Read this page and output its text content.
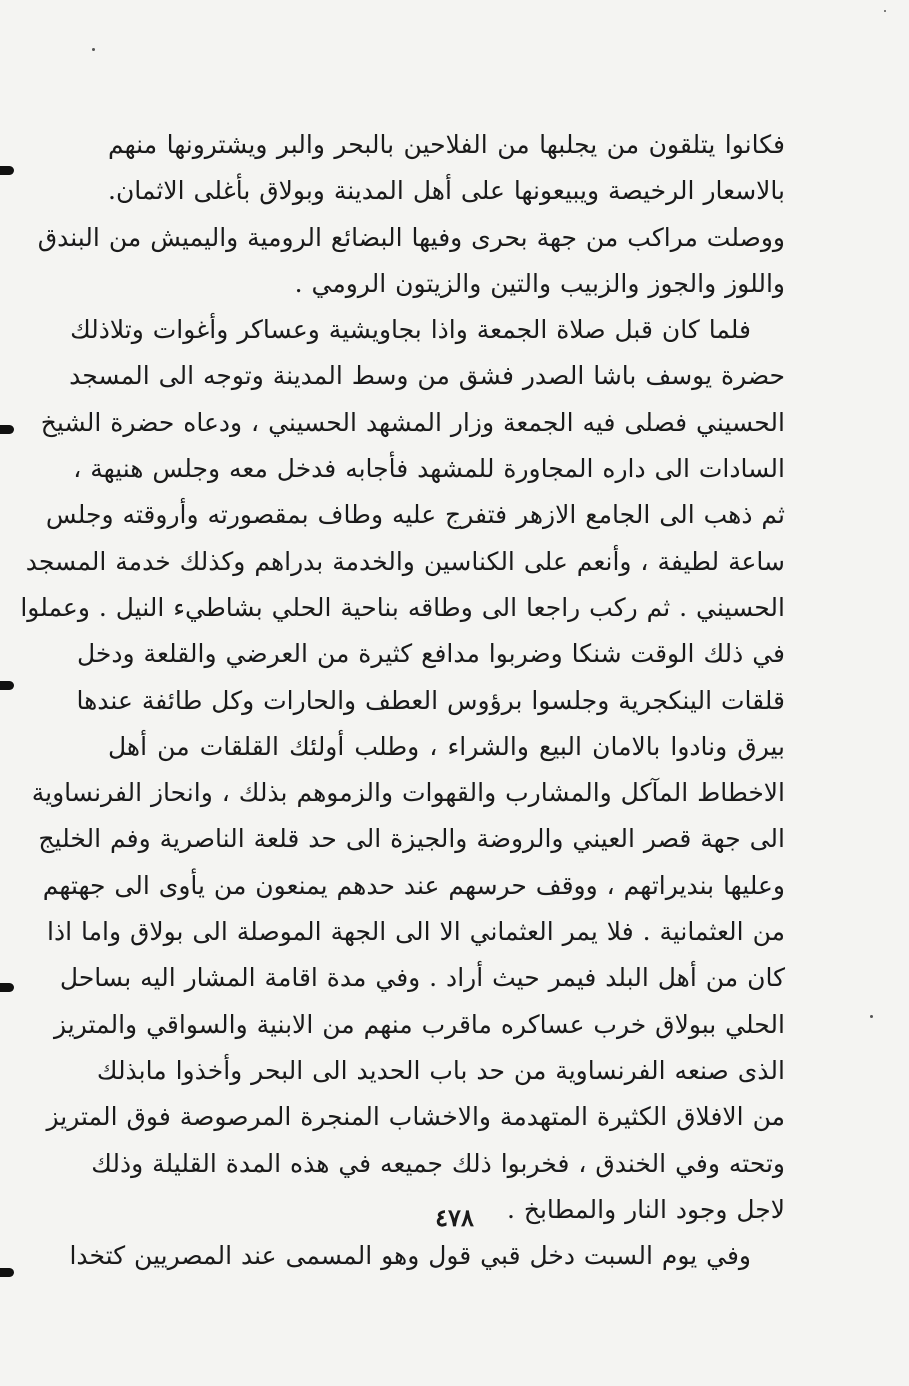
فكانوا يتلقون من يجلبها من الفلاحين بالبحر والبر ويشترونها منهم
بالاسعار الرخيصة ويبيعونها على أهل المدينة وبولاق بأغلى الاثمان.
ووصلت مراكب من جهة بحرى وفيها البضائع الرومية واليميش من البندق
واللوز والجوز والزبيب والتين والزيتون الرومي .
فلما كان قبل صلاة الجمعة واذا بجاويشية وعساكر وأغوات وتلاذلك
حضرة يوسف باشا الصدر فشق من وسط المدينة وتوجه الى المسجد
الحسيني فصلى فيه الجمعة وزار المشهد الحسيني ، ودعاه حضرة الشيخ
السادات الى داره المجاورة للمشهد فأجابه فدخل معه وجلس هنيهة ،
ثم ذهب الى الجامع الازهر فتفرج عليه وطاف بمقصورته وأروقته وجلس
ساعة لطيفة ، وأنعم على الكناسين والخدمة بدراهم وكذلك خدمة المسجد
الحسيني . ثم ركب راجعا الى وطاقه بناحية الحلي بشاطيء النيل . وعملوا
في ذلك الوقت شنكا وضربوا مدافع كثيرة من العرضي والقلعة ودخل
قلقات الينكجرية وجلسوا برؤوس العطف والحارات وكل طائفة عندها
بيرق ونادوا بالامان البيع والشراء ، وطلب أولئك القلقات من أهل
الاخطاط المآكل والمشارب والقهوات والزموهم بذلك ، وانحاز الفرنساوية
الى جهة قصر العيني والروضة والجيزة الى حد قلعة الناصرية وفم الخليج
وعليها بنديراتهم ، ووقف حرسهم عند حدهم يمنعون من يأوى الى جهتهم
من العثمانية . فلا يمر العثماني الا الى الجهة الموصلة الى بولاق واما اذا
كان من أهل البلد فيمر حيث أراد . وفي مدة اقامة المشار اليه بساحل
الحلي ببولاق خرب عساكره ماقرب منهم من الابنية والسواقي والمتريز
الذى صنعه الفرنساوية من حد باب الحديد الى البحر وأخذوا مابذلك
من الافلاق الكثيرة المتهدمة والاخشاب المنجرة المرصوصة فوق المتريز
وتحته وفي الخندق ، فخربوا ذلك جميعه في هذه المدة القليلة وذلك
لاجل وجود النار والمطابخ .
وفي يوم السبت دخل قبي قول وهو المسمى عند المصريين كتخدا
٤٧٨
